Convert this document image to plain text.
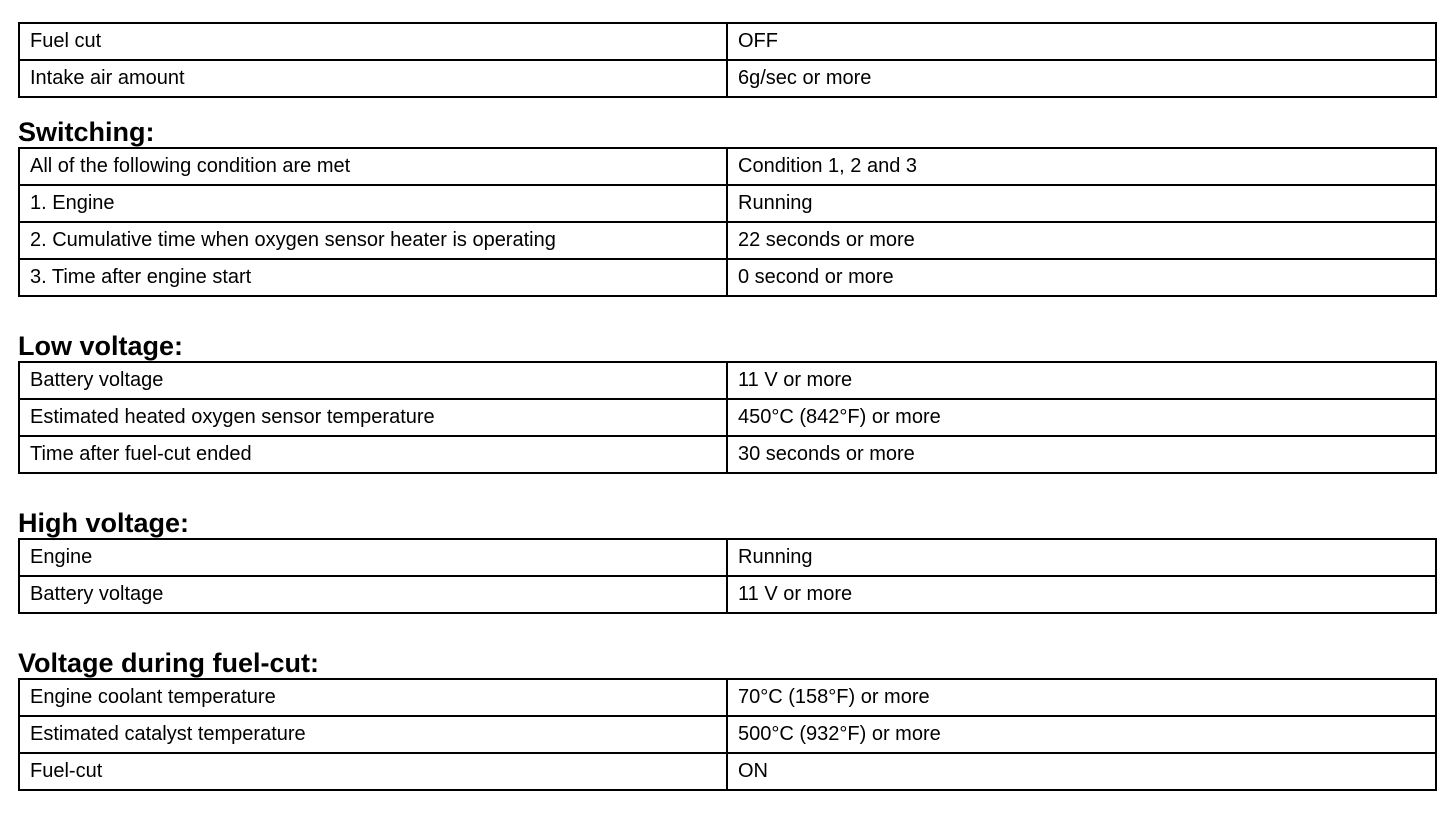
Fuel cut	OFF
Intake air amount	6g/sec or more
Switching:
All of the following condition are met	Condition 1, 2 and 3
1. Engine	Running
2. Cumulative time when oxygen sensor heater is operating	22 seconds or more
3. Time after engine start	0 second or more
Low voltage:
Battery voltage	11 V or more
Estimated heated oxygen sensor temperature	450°C (842°F) or more
Time after fuel-cut ended	30 seconds or more
High voltage:
Engine	Running
Battery voltage	11 V or more
Voltage during fuel-cut:
Engine coolant temperature	70°C (158°F) or more
Estimated catalyst temperature	500°C (932°F) or more
Fuel-cut	ON
